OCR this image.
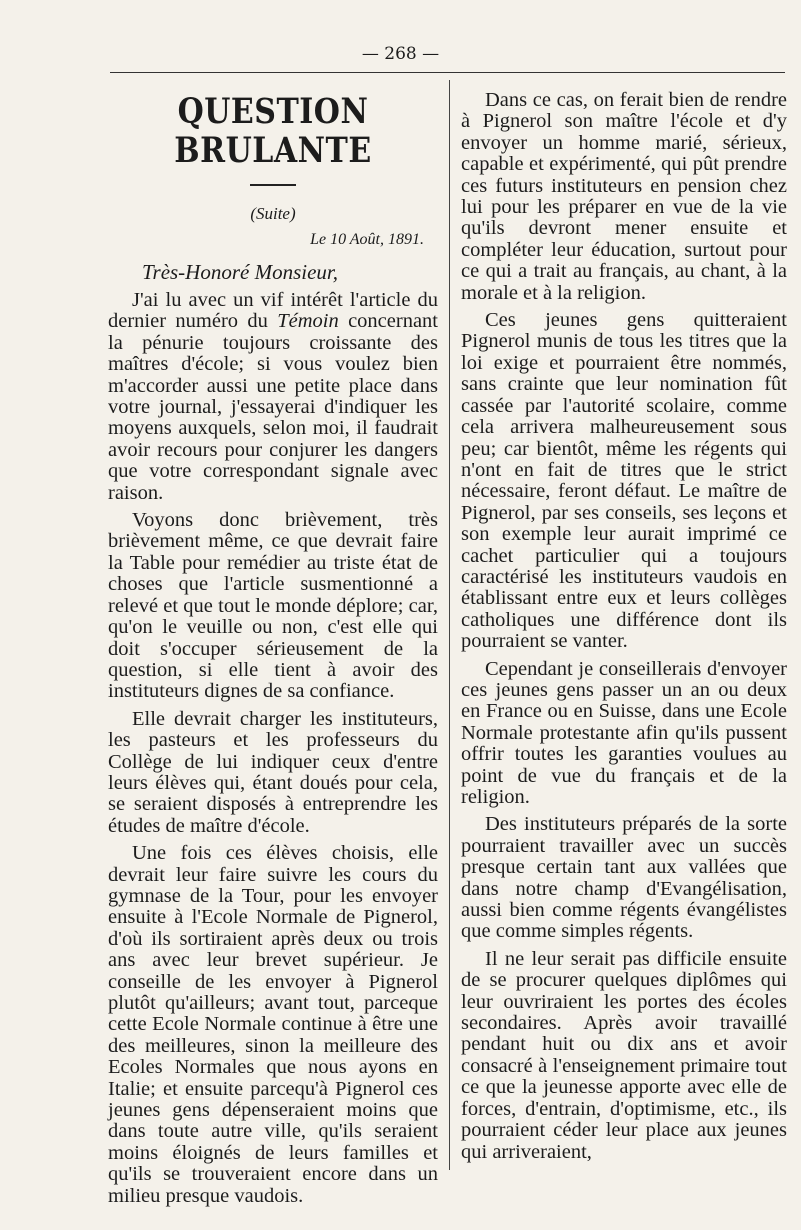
— 268 —
QUESTION BRULANTE
(Suite)
Le 10 Août, 1891.
Très-Honoré Monsieur,

J'ai lu avec un vif intérêt l'article du dernier numéro du Témoin concernant la pénurie toujours croissante des maîtres d'école; si vous voulez bien m'accorder aussi une petite place dans votre journal, j'essayerai d'indiquer les moyens auxquels, selon moi, il faudrait avoir recours pour conjurer les dangers que votre correspondant signale avec raison.

Voyons donc brièvement, très brièvement même, ce que devrait faire la Table pour remédier au triste état de choses que l'article susmentionné a relevé et que tout le monde déplore; car, qu'on le veuille ou non, c'est elle qui doit s'occuper sérieusement de la question, si elle tient à avoir des instituteurs dignes de sa confiance.

Elle devrait charger les instituteurs, les pasteurs et les professeurs du Collège de lui indiquer ceux d'entre leurs élèves qui, étant doués pour cela, se seraient disposés à entreprendre les études de maître d'école.

Une fois ces élèves choisis, elle devrait leur faire suivre les cours du gymnase de la Tour, pour les envoyer ensuite à l'Ecole Normale de Pignerol, d'où ils sortiraient après deux ou trois ans avec leur brevet supérieur. Je conseille de les envoyer à Pignerol plutôt qu'ailleurs; avant tout, parceque cette Ecole Normale continue à être une des meilleures, sinon la meilleure des Ecoles Normales que nous ayons en Italie; et ensuite parcequ'à Pignerol ces jeunes gens dépenseraient moins que dans toute autre ville, qu'ils seraient moins éloignés de leurs familles et qu'ils se trouveraient encore dans un milieu presque vaudois.

Dans ce cas, on ferait bien de rendre à Pignerol son maître l'école et d'y envoyer un homme marié, sérieux, capable et expérimenté, qui pût prendre ces futurs instituteurs en pension chez lui pour les préparer en vue de la vie qu'ils devront mener ensuite et compléter leur éducation, surtout pour ce qui a trait au français, au chant, à la morale et à la religion.

Ces jeunes gens quitteraient Pignerol munis de tous les titres que la loi exige et pourraient être nommés, sans crainte que leur nomination fût cassée par l'autorité scolaire, comme cela arrivera malheureusement sous peu; car bientôt, même les régents qui n'ont en fait de titres que le strict nécessaire, feront défaut. Le maître de Pignerol, par ses conseils, ses leçons et son exemple leur aurait imprimé ce cachet particulier qui a toujours caractérisé les instituteurs vaudois en établissant entre eux et leurs collèges catholiques une différence dont ils pourraient se vanter.

Cependant je conseillerais d'envoyer ces jeunes gens passer un an ou deux en France ou en Suisse, dans une Ecole Normale protestante afin qu'ils pussent offrir toutes les garanties voulues au point de vue du français et de la religion.

Des instituteurs préparés de la sorte pourraient travailler avec un succès presque certain tant aux vallées que dans notre champ d'Evangélisation, aussi bien comme régents évangélistes que comme simples régents.

Il ne leur serait pas difficile ensuite de se procurer quelques diplômes qui leur ouvriraient les portes des écoles secondaires. Après avoir travaillé pendant huit ou dix ans et avoir consacré à l'enseignement primaire tout ce que la jeunesse apporte avec elle de forces, d'entrain, d'optimisme, etc., ils pourraient céder leur place aux jeunes qui arriveraient,
